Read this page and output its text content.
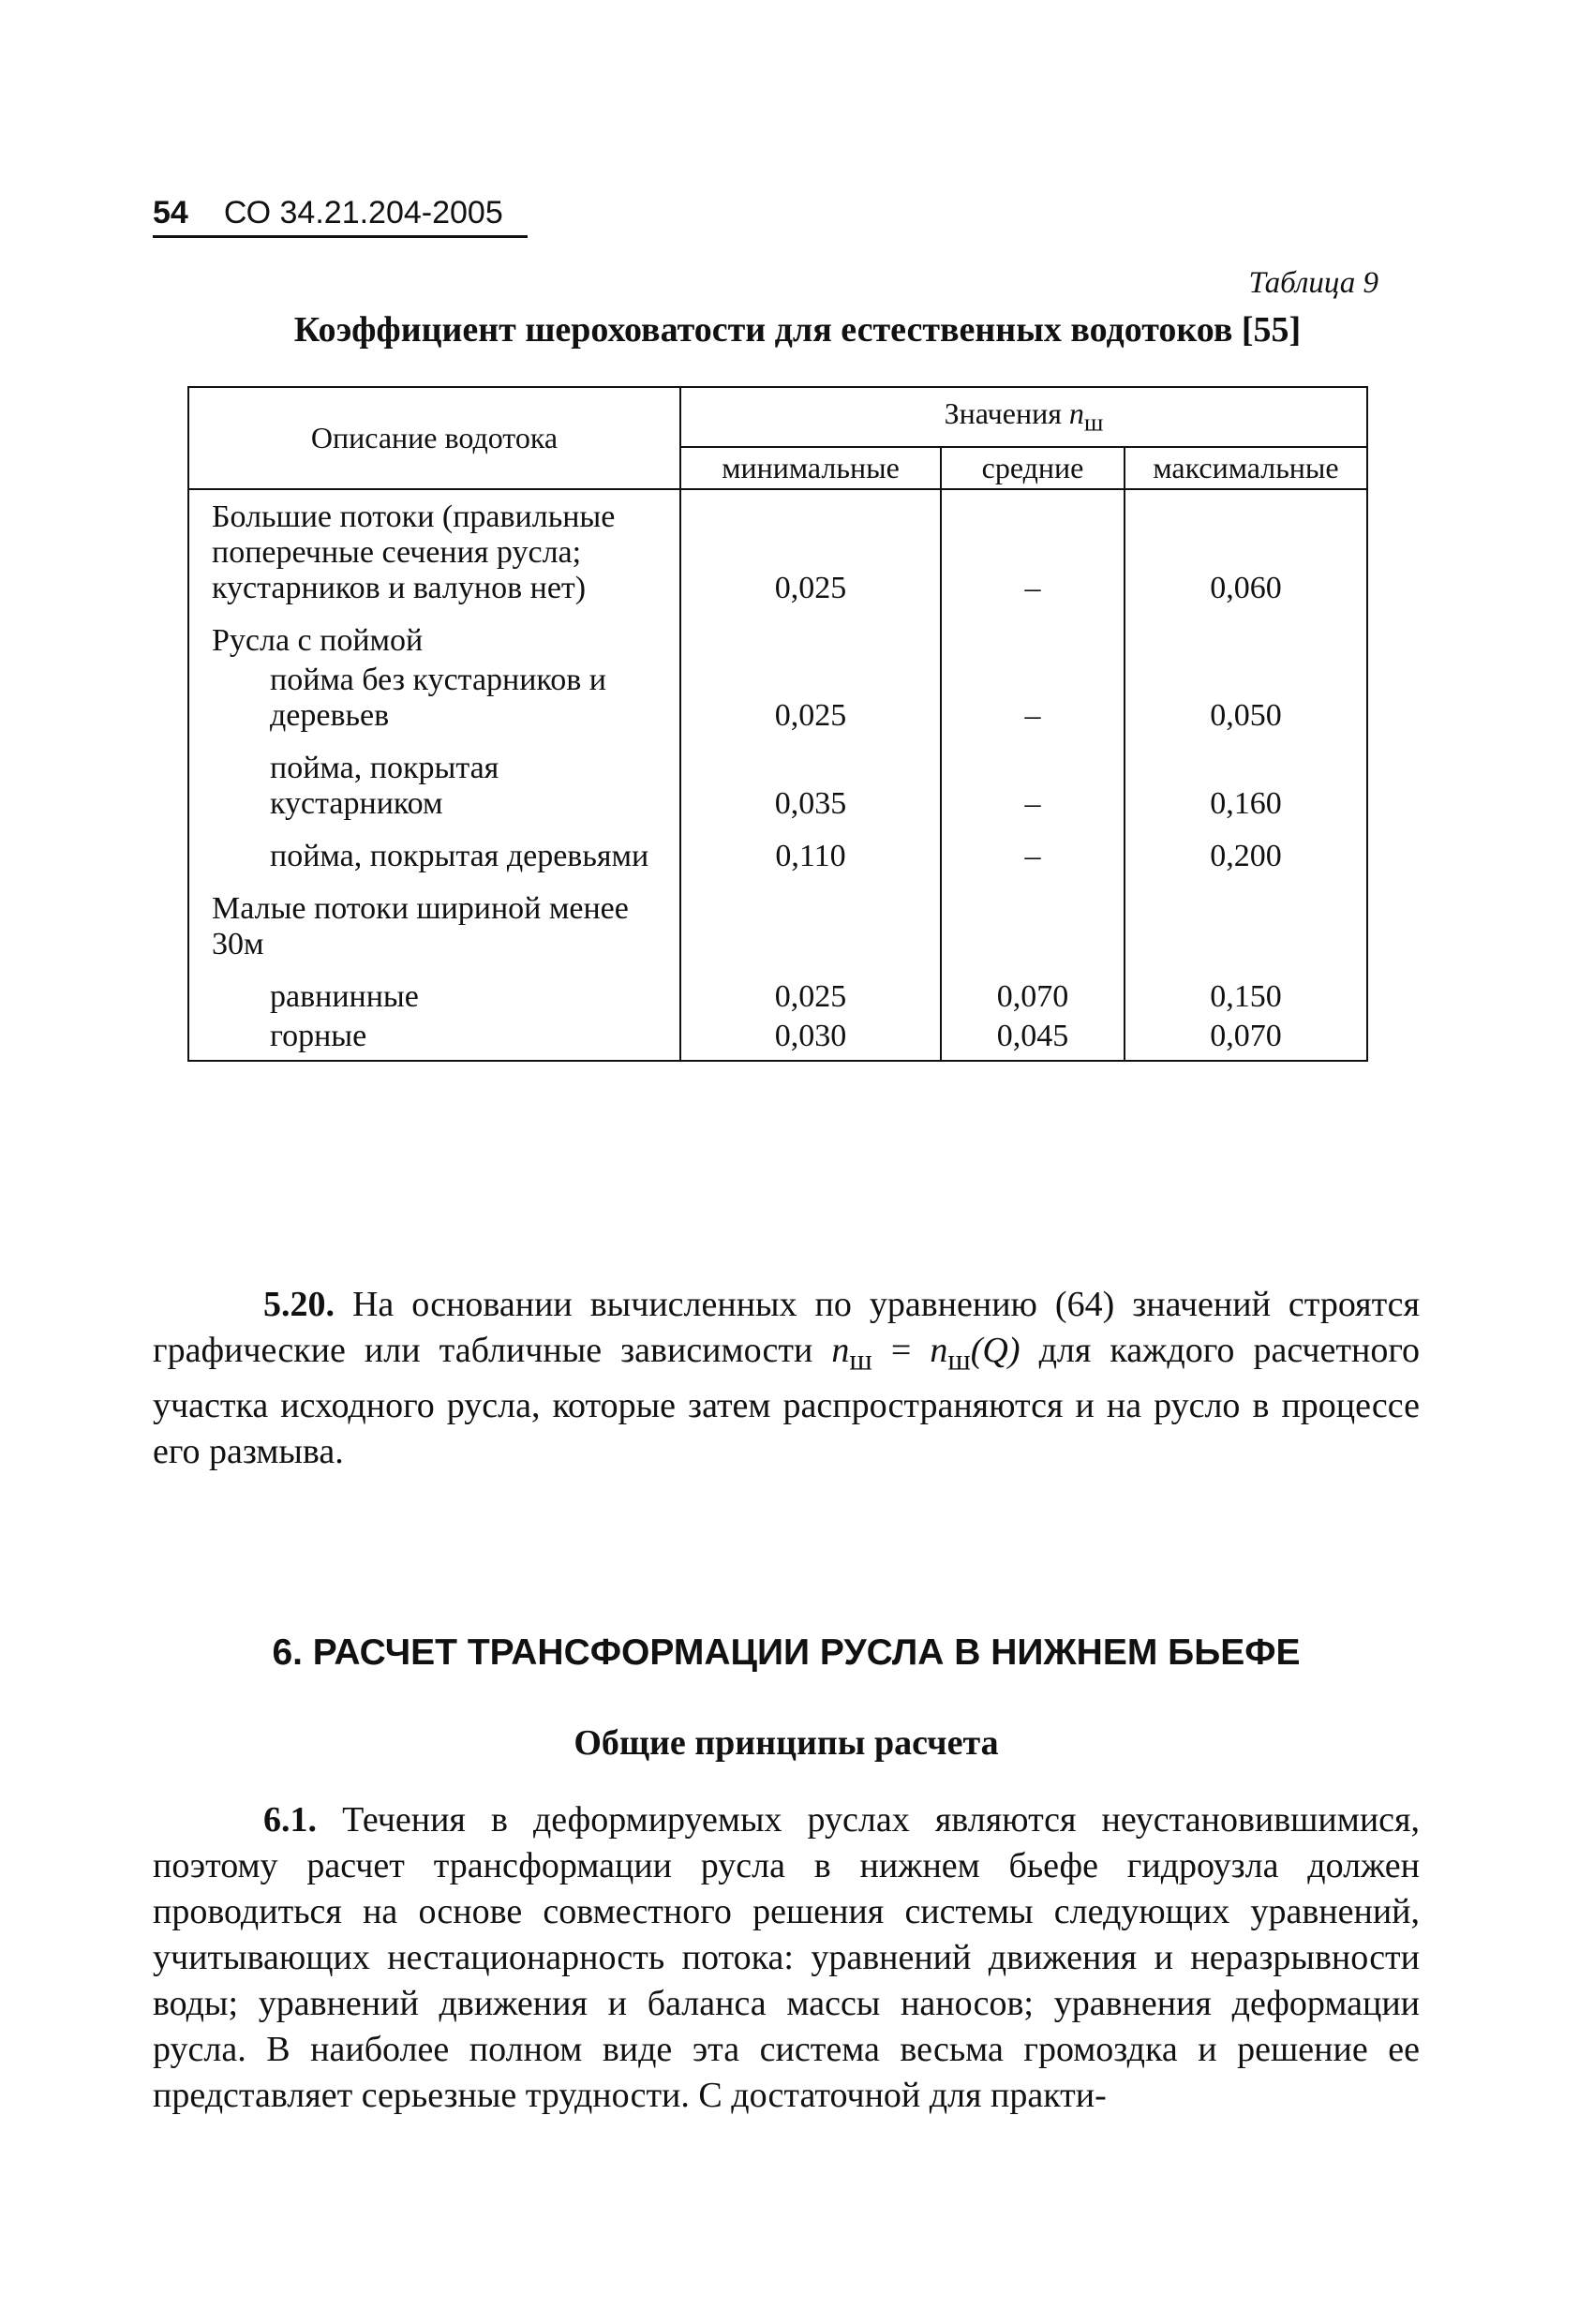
54 СО 34.21.204-2005
Таблица 9
Коэффициент шероховатости для естественных водотоков [55]
Описание водотока	Значения $n_ш$
	минимальные	средние	максимальные
Большие потоки (правильные поперечные сечения русла; кустарников и валунов нет)	0,025	–	0,060
Русла с поймой			
пойма без кустарников и деревьев	0,025	–	0,050
пойма, покрытая кустарником	0,035	–	0,160
пойма, покрытая деревьями	0,110	–	0,200
Малые потоки шириной менее 30м			
равнинные	0,025	0,070	0,150
горные	0,030	0,045	0,070
5.20. На основании вычисленных по уравнению (64) значений строятся графические или табличные зависимости $n_ш = n_ш(Q)$ для каждого расчетного участка исходного русла, которые затем распространяются и на русло в процессе его размыва.
6. РАСЧЕТ ТРАНСФОРМАЦИИ РУСЛА В НИЖНЕМ БЬЕФЕ
Общие принципы расчета
6.1. Течения в деформируемых руслах являются неустановившимися, поэтому расчет трансформации русла в нижнем бьефе гидроузла должен проводиться на основе совместного решения системы следующих уравнений, учитывающих нестационарность потока: уравнений движения и неразрывности воды; уравнений движения и баланса массы наносов; уравнения деформации русла. В наиболее полном виде эта система весьма громоздка и решение ее представляет серьезные трудности. С достаточной для практи-
